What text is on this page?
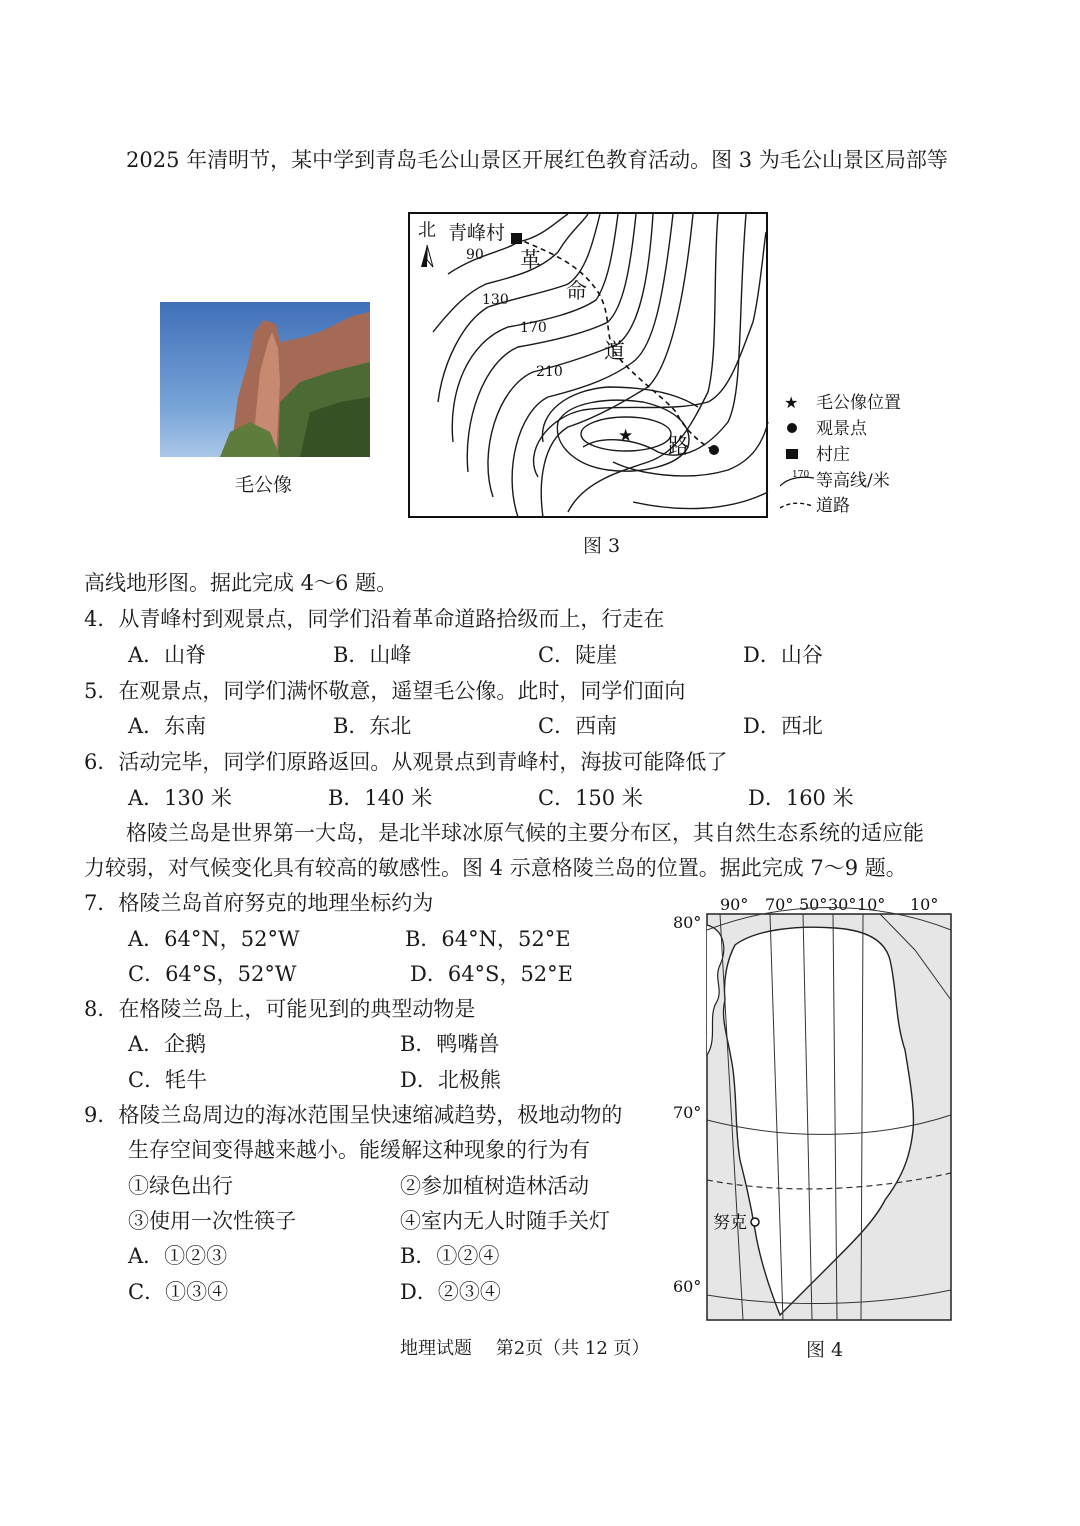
2025 年清明节，某中学到青岛毛公山景区开展红色教育活动。图 3 为毛公山景区局部等
毛公像
北 青峰村
90
130
170
210
革
命
道
路
★
★ 毛公像位置
观景点
村庄
170 等高线/米
道路
图 3
高线地形图。据此完成 4～6 题。
4．从青峰村到观景点，同学们沿着革命道路拾级而上，行走在
A．山脊	B．山峰	C．陡崖	D．山谷
5．在观景点，同学们满怀敬意，遥望毛公像。此时，同学们面向
A．东南	B．东北	C．西南	D．西北
6．活动完毕，同学们原路返回。从观景点到青峰村，海拔可能降低了
A．130 米	B．140 米	C．150 米	D．160 米
格陵兰岛是世界第一大岛，是北半球冰原气候的主要分布区，其自然生态系统的适应能
力较弱，对气候变化具有较高的敏感性。图 4 示意格陵兰岛的位置。据此完成 7～9 题。
7．格陵兰岛首府努克的地理坐标约为
A．64°N，52°W	B．64°N，52°E
C．64°S，52°W	D．64°S，52°E
8．在格陵兰岛上，可能见到的典型动物是
A．企鹅	B．鸭嘴兽
C．牦牛	D．北极熊
9．格陵兰岛周边的海冰范围呈快速缩减趋势，极地动物的
生存空间变得越来越小。能缓解这种现象的行为有
①绿色出行	②参加植树造林活动
③使用一次性筷子	④室内无人时随手关灯
A．①②③	B．①②④
C．①③④	D．②③④
90° 70° 50° 30° 10° 10°
80°
70°
60°
努克
图 4
地理试题　 第2页（共 12 页）
